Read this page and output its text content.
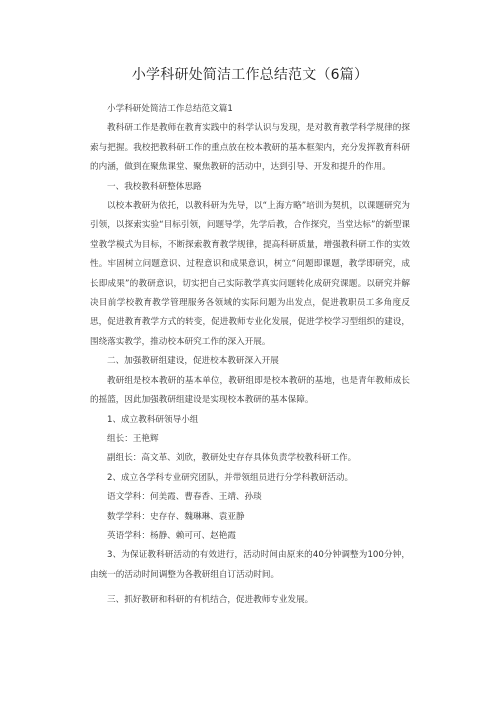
小学科研处简洁工作总结范文（6篇）

小学科研处简洁工作总结范文篇1

教科研工作是教师在教育实践中的科学认识与发现，是对教育教学科学规律的探索与把握。我校把教科研工作的重点放在校本教研的基本框架内，充分发挥教育科研的内涵，做到在聚焦课堂、聚焦教研的活动中，达到引导、开发和提升的作用。

一、我校教科研整体思路

以校本教研为依托，以教科研为先导，以“上海方略”培训为契机，以课题研究为引领，以探索实验“目标引领，问题导学，先学后教，合作探究，当堂达标”的新型课堂教学模式为目标，不断探索教育教学规律，提高科研质量，增强教科研工作的实效性。牢固树立问题意识、过程意识和成果意识，树立“问题即课题，教学即研究，成长即成果”的教研意识，切实把自己实际教学真实问题转化成研究课题。以研究并解决目前学校教育教学管理服务各领域的实际问题为出发点，促进教职员工多角度反思，促进教育教学方式的转变，促进教师专业化发展，促进学校学习型组织的建设，围绕落实教学，推动校本研究工作的深入开展。

二、加强教研组建设，促进校本教研深入开展

教研组是校本教研的基本单位，教研组即是校本教研的基地，也是青年教师成长的摇篮，因此加强教研组建设是实现校本教研的基本保障。

1、成立教科研领导小组

组长：王艳辉

副组长：高文革、刘欣，教研处史存存具体负责学校教科研工作。

2、成立各学科专业研究团队，并带领组员进行分学科教研活动。

语文学科：何美霞、曹春香、王靖、孙琰

数学学科：史存存、魏琳琳、袁亚静

英语学科：杨静、赖可可、赵艳霞

3、为保证教科研活动的有效进行，活动时间由原来的40分钟调整为100分钟，由统一的活动时间调整为各教研组自订活动时间。

三、抓好教研和科研的有机结合，促进教师专业发展。
